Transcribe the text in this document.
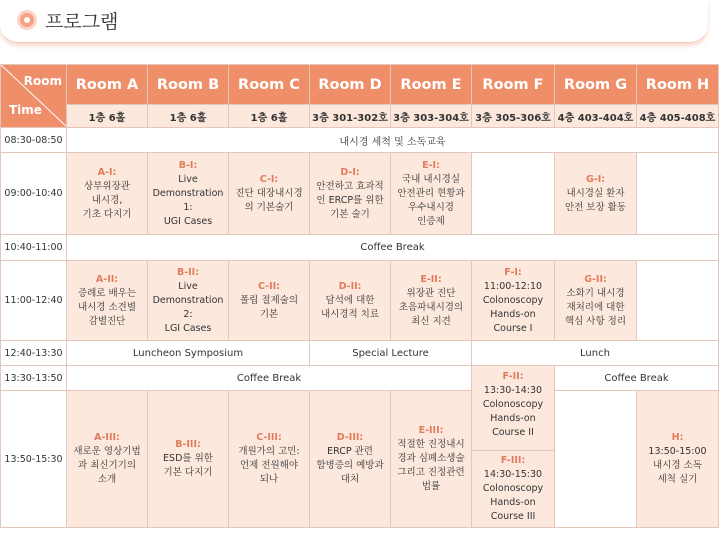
프로그램
Room
Time	Room A	Room B	Room C	Room D	Room E	Room F	Room G	Room H
	1층 6홀	1층 6홀	1층 6홀	3층 301-302호	3층 303-304호	3층 305-306호	4층 403-404호	4층 405-408호
08:30-08:50	내시경 세척 및 소독교육							
09:00-10:40	A-I:
상부위장관
내시경,
기초 다지기	B-I:
Live
Demonstration 1:
UGI Cases	C-I:
진단 대장내시경
의 기본술기	D-I:
안전하고 효과적
인 ERCP를 위한
기본 술기	E-I:
국내 내시경실
안전관리 현황과
우수내시경
인증제		G-I:
내시경실 환자
안전 보장 활동	

10:40-11:00	Coffee Break							
11:00-12:40	A-II:
증례로 배우는
내시경 소견별
감별진단	B-II:
Live
Demonstration 2:
LGI Cases	C-II:
폴립 절제술의
기본	D-II:
담석에 대한
내시경적 치료	E-II:
위장관 진단
초음파내시경의
최신 지견	F-I:
11:00-12:10
Colonoscopy
Hands-on
Course I	G-II:
소화기 내시경
재처리에 대한
핵심 사항 정리	

12:40-13:30	Luncheon Symposium			Special Lecture		Lunch		
13:30-13:50	Coffee Break					F-II:
13:30-14:30
Colonoscopy
Hands-on
Course II	Coffee Break	
13:50-15:30	A-III:
새로운 영상기법
과 최신기기의
소개	B-III:
ESD를 위한
기본 다지기	C-III:
개원가의 고민:
언제 전원해야
되나	D-III:
ERCP 관련
합병증의 예방과
대처	E-III:
적절한 진정내시
경과 심폐소생술
그리고 진정관련
법률			H:
13:50-15:00
내시경 소독
세척 실기

						F-III:
14:30-15:30
Colonoscopy
Hands-on
Course III		
